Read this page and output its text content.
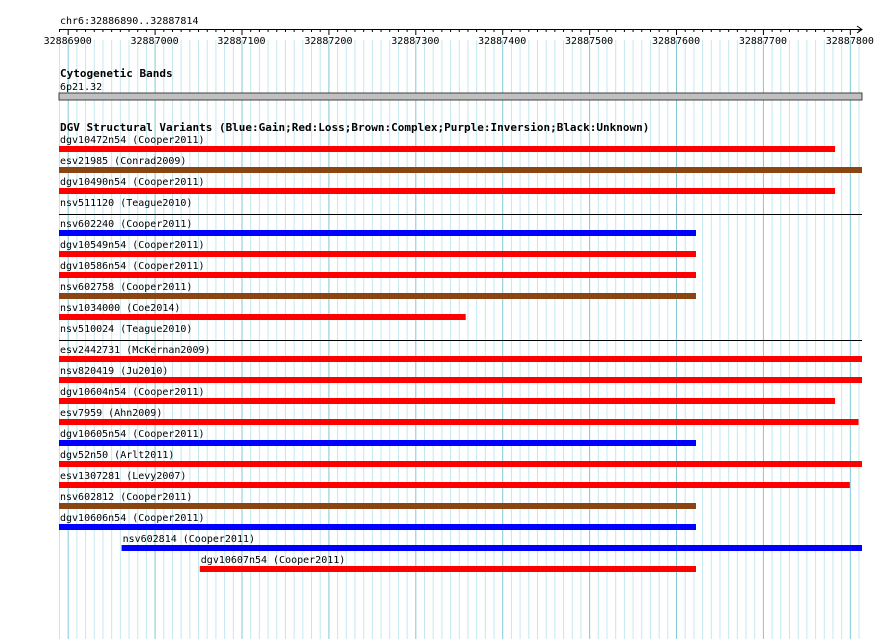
chr6:32886890..32887814
32886900	32887000	32887100	32887200	32887300	32887400	32887500	32887600	32887700	32887800
Cytogenetic Bands
6p21.32
DGV Structural Variants (Blue:Gain;Red:Loss;Brown:Complex;Purple:Inversion;Black:Unknown)
dgv10472n54 (Cooper2011)
esv21985 (Conrad2009)
dgv10490n54 (Cooper2011)
nsv511120 (Teague2010)
nsv602240 (Cooper2011)
dgv10549n54 (Cooper2011)
dgv10586n54 (Cooper2011)
nsv602758 (Cooper2011)
nsv1034000 (Coe2014)
nsv510024 (Teague2010)
esv2442731 (McKernan2009)
nsv820419 (Ju2010)
dgv10604n54 (Cooper2011)
esv7959 (Ahn2009)
dgv10605n54 (Cooper2011)
dgv52n50 (Arlt2011)
esv1307281 (Levy2007)
nsv602812 (Cooper2011)
dgv10606n54 (Cooper2011)
nsv602814 (Cooper2011)
dgv10607n54 (Cooper2011)
